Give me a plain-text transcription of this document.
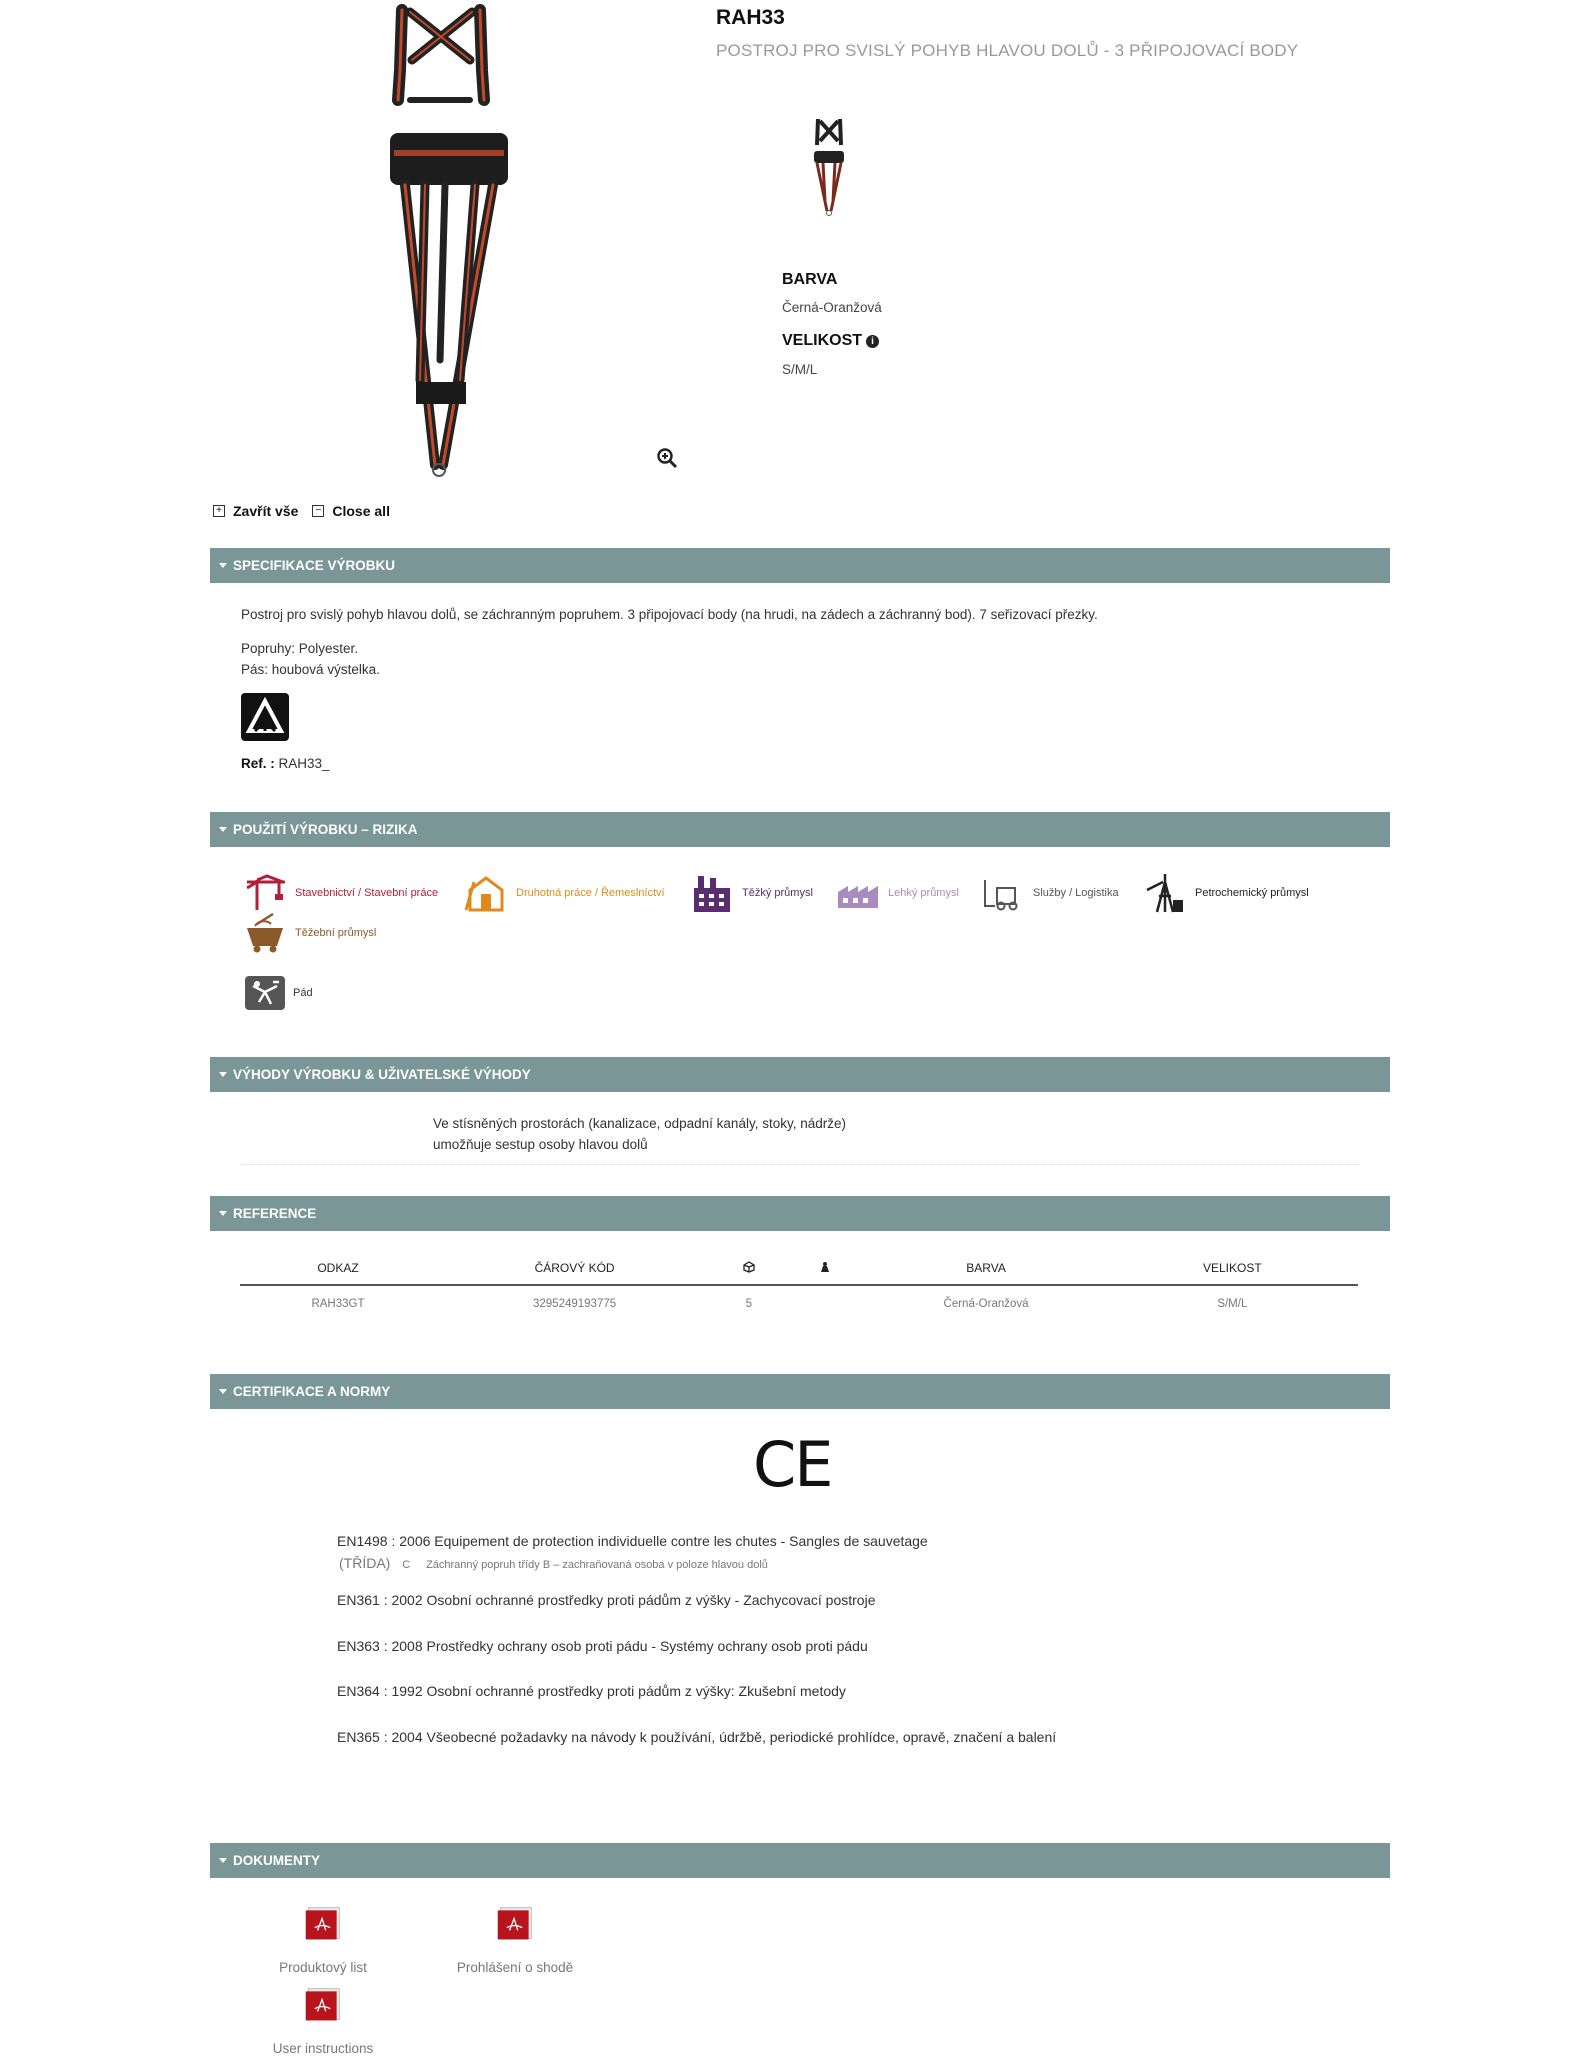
RAH33
POSTROJ PRO SVISLÝ POHYB HLAVOU DOLŮ - 3 PŘIPOJOVACÍ BODY
BARVA
Černá-Oranžová
VELIKOST i
S/M/L
+ Zavřít vše	− Close all
SPECIFIKACE VÝROBKU
Postroj pro svislý pohyb hlavou dolů, se záchranným popruhem. 3 připojovací body (na hrudi, na zádech a záchranný bod). 7 seřizovací přezky.
Popruhy: Polyester.
Pás: houbová výstelka.
Ref. : RAH33_
POUŽITÍ VÝROBKU – RIZIKA
Stavebnictví / Stavební práce	Druhotná práce / Řemeslníctví	Těžký průmysl	Lehký průmysl	Služby / Logistika	Petrochemický průmysl
Těžební průmysl
Pád
VÝHODY VÝROBKU & UŽIVATELSKÉ VÝHODY
Ve stísněných prostorách (kanalizace, odpadní kanály, stoky, nádrže)
umožňuje sestup osoby hlavou dolů
REFERENCE
ODKAZ	ČÁROVÝ KÓD			BARVA	VELIKOST
RAH33GT	3295249193775	5		Černá-Oranžová	S/M/L
CERTIFIKACE A NORMY
CE
EN1498 : 2006 Equipement de protection individuelle contre les chutes - Sangles de sauvetage
(TŘÍDA) C Záchranný popruh třídy B – zachraňovaná osoba v poloze hlavou dolů
EN361 : 2002 Osobní ochranné prostředky proti pádům z výšky - Zachycovací postroje
EN363 : 2008 Prostředky ochrany osob proti pádu - Systémy ochrany osob proti pádu
EN364 : 1992 Osobní ochranné prostředky proti pádům z výšky: Zkušební metody
EN365 : 2004 Všeobecné požadavky na návody k používání, údržbě, periodické prohlídce, opravě, značení a balení
DOKUMENTY
Produktový list	Prohlášení o shodě
User instructions
